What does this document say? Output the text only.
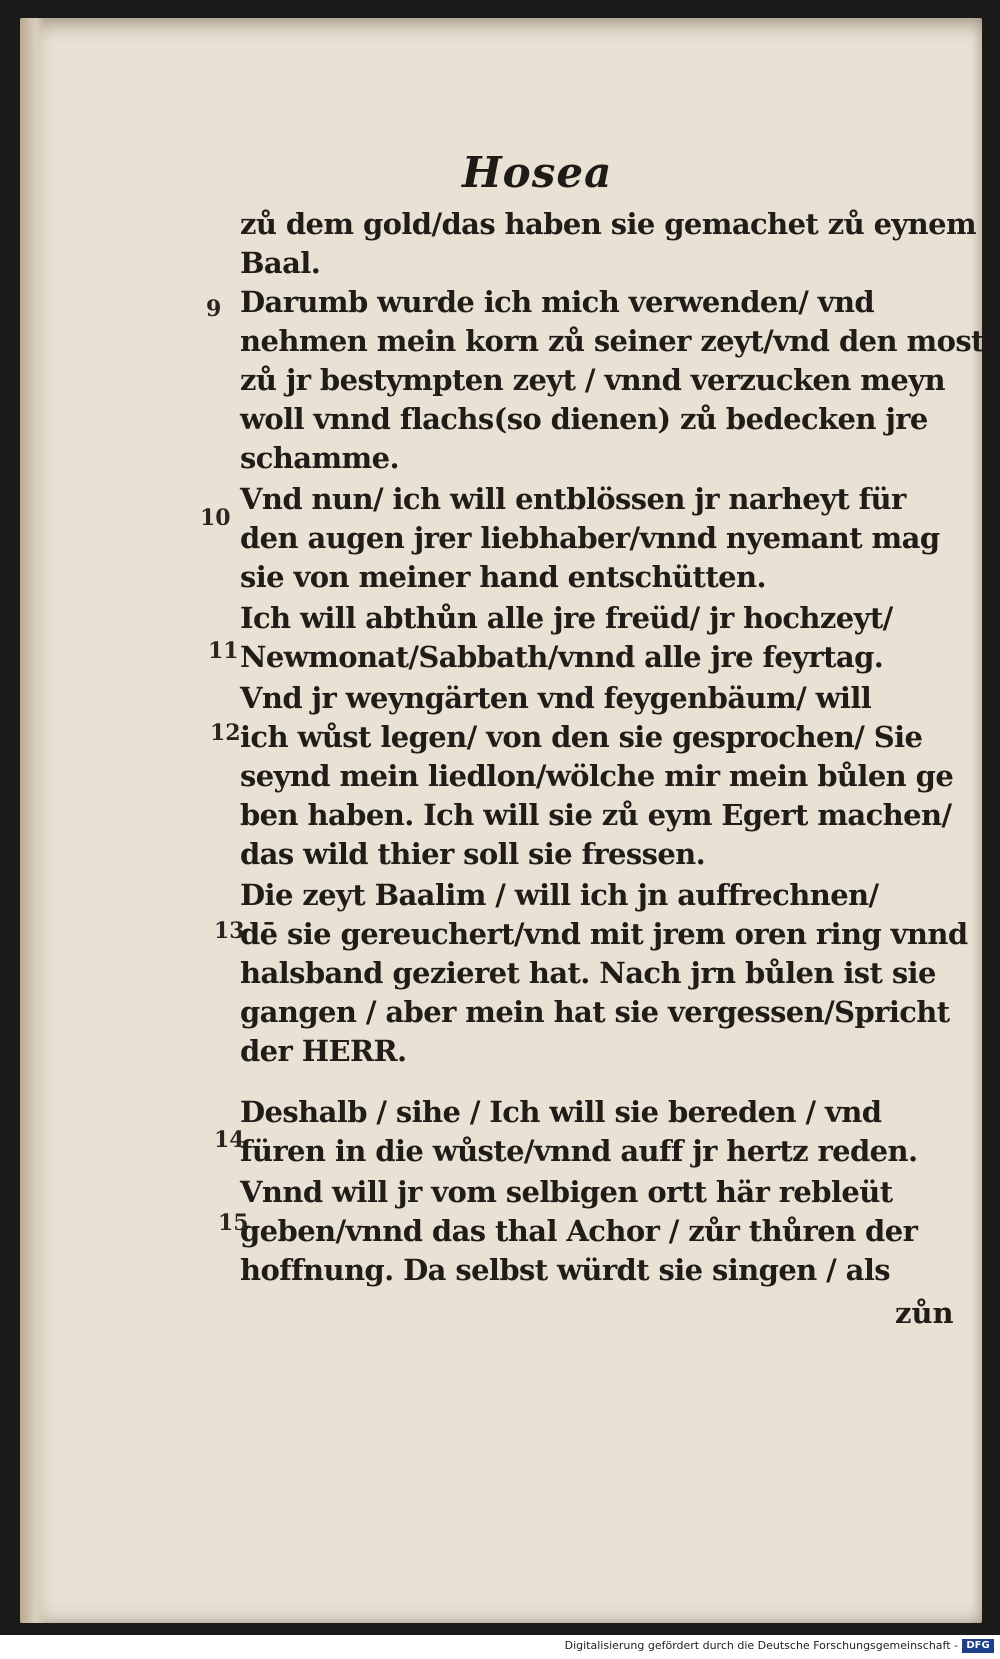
Hosea
zů dem gold/das haben sie gemachet zů eynem
Baal.
Darumb wurde ich mich verwenden/ vnd
nehmen mein korn zů seiner zeyt/vnd den most
zů jr bestympten zeyt / vnnd verzucken meyn
woll vnnd flachs(so dienen) zů bedecken jre
schamme.
Vnd nun/ ich will entblössen jr narheyt für
den augen jrer liebhaber/vnnd nyemant mag
sie von meiner hand entschütten.
Ich will abthůn alle jre freüd/ jr hochzeyt/
Newmonat/Sabbath/vnnd alle jre feyrtag.
Vnd jr weyngärten vnd feygenbäum/ will
ich wůst legen/ von den sie gesprochen/ Sie
seynd mein liedlon/wölche mir mein bůlen ge
ben haben. Ich will sie zů eym Egert machen/
das wild thier soll sie fressen.
Die zeyt Baalim / will ich jn auffrechnen/
dē sie gereuchert/vnd mit jrem oren ring vnnd
halsband gezieret hat. Nach jrn bůlen ist sie
gangen / aber mein hat sie vergessen/Spricht
der HERR.
Deshalb / sihe / Ich will sie bereden / vnd
füren in die wůste/vnnd auff jr hertz reden.
Vnnd will jr vom selbigen ortt här rebleüt
geben/vnnd das thal Achor / zůr thůren der
hoffnung. Da selbst würdt sie singen / als
9
10
11
12
13
14
15
zůn
Digitalisierung gefördert durch die Deutsche Forschungsgemeinschaft - DFG
